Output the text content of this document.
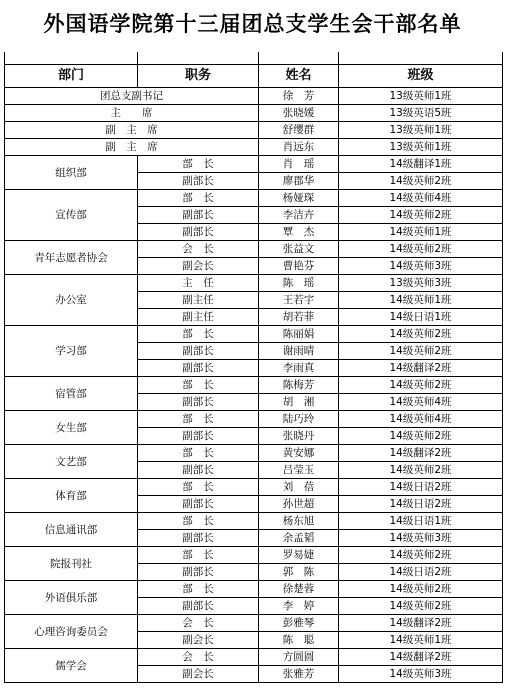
外国语学院第十三届团总支学生会干部名单

部门	职务	姓名	班级
团总支副书记		徐　芳	13级英师1班
主　　席		张晓媛	13级英语5班
副　主　席		舒缨群	13级英师1班
副　主　席		肖远东	13级英师1班
组织部	部　长	肖　瑶	14级翻译1班
	副部长	廖郡华	14级英师2班
宣传部	部　长	杨娅琛	14级英师4班
	副部长	李洁卉	14级英师2班
	副部长	覃　杰	14级英师1班
青年志愿者协会	会　长	张益文	14级英师2班
	副会长	曹艳芬	14级英师3班
办公室	主　任	陈　瑶	13级英师3班
	副主任	王若宇	14级英师1班
	副主任	胡若菲	14级日语1班
学习部	部　长	陈丽娟	14级英师2班
	副部长	谢雨晴	14级英师2班
	副部长	李雨真	14级翻译2班
宿管部	部　长	陈梅芳	14级英师2班
	副部长	胡　湘	14级英师4班
女生部	部　长	陆巧玲	14级英师4班
	副部长	张晓丹	14级英师2班
文艺部	部　长	黄安娜	14级翻译2班
	副部长	吕莹玉	14级英师2班
体育部	部　长	刘　蓓	14级日语2班
	副部长	孙世超	14级日语2班
信息通讯部	部　长	杨东旭	14级日语1班
	副部长	余孟韬	14级英师3班
院报刊社	部　长	罗易婕	14级英师2班
	副部长	郭　陈	14级日语2班
外语俱乐部	部　长	徐楚蓉	14级英师2班
	副部长	李　婷	14级英师2班
心理咨询委员会	会　长	彭雅琴	14级翻译2班
	副会长	陈　聪	14级英师1班
儒学会	会　长	方圆圆	14级翻译2班
	副会长	张雅芳	14级英师3班
